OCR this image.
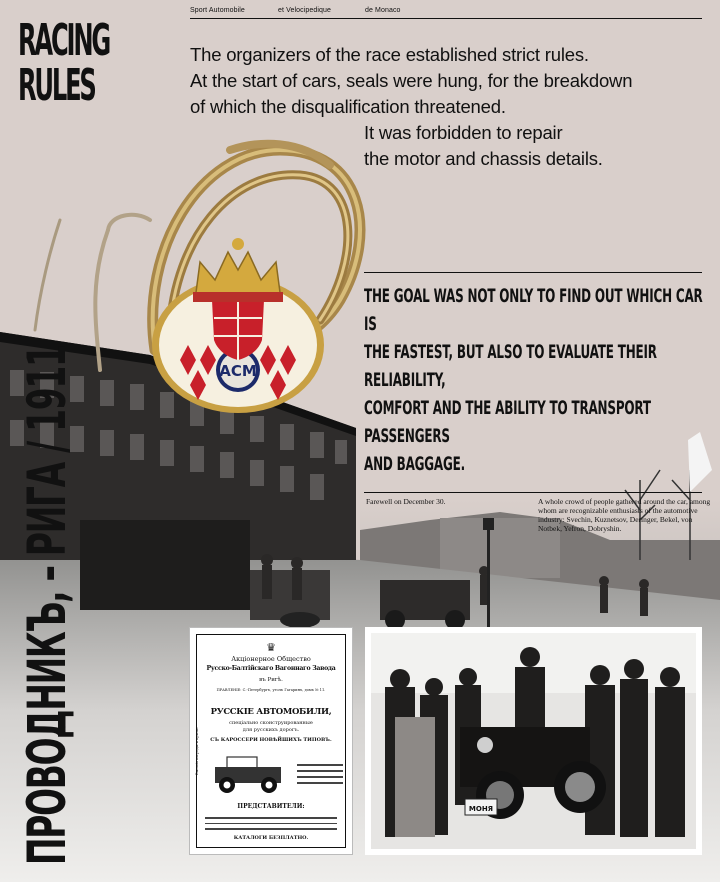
Sport Automobile	et Velocipedique	de Monaco
RACING
RULES
The organizers of the race established strict rules.
At the start of cars, seals were hung, for the breakdown
of which the disqualification threatened.
It was forbidden to repair
the motor and chassis details.
ACM
ПРОВОДНИКЪ, – РИГА / 1911
THE GOAL WAS NOT ONLY TO FIND OUT WHICH CAR IS
THE FASTEST, BUT ALSO TO EVALUATE THEIR RELIABILITY,
COMFORT AND THE ABILITY TO TRANSPORT PASSENGERS
AND BAGGAGE.
Farewell on December 30.	A whole crowd of people gathered around the car, among
whom are recognizable enthusiasts of the automotive
industry: Svechin, Kuznetsov, Deringer, Bekel, von
Notbek, Yefron, Dobryshin.
♛
Акціонерное Общество
Русско-Балтійскаго Вагоннаго Завода
въ Ригѣ.
ПРАВЛЕНІЕ: С.-Петербургъ, уголъ Гагаринъ, домъ № 11.
РУССКІЕ АВТОМОБИЛИ,
спеціально сконструированные
для русскихъ дорогъ.
СЪ КАРОССЕРИ НОВѢЙШИХЪ ТИПОВЪ.
ПРЕДСТАВИТЕЛИ:
КАТАЛОГИ БЕЗПЛАТНО.
Высшія награды и призы.
МОНЯ
